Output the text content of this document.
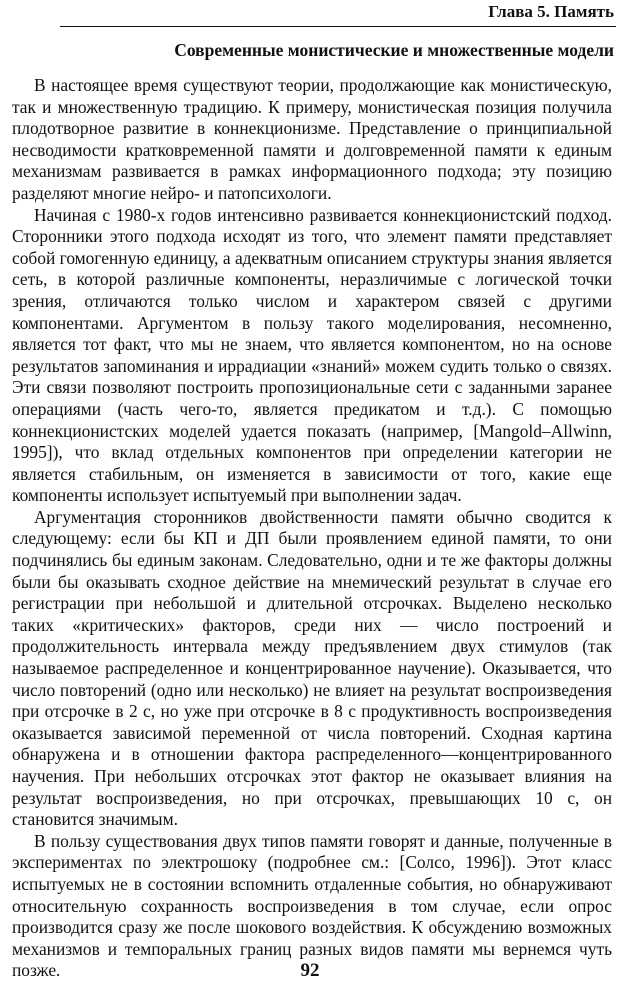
Глава 5. Память
Современные монистические и множественные модели

В настоящее время существуют теории, продолжающие как монистическую, так и множественную традицию. К примеру, монистическая позиция получила плодотворное развитие в коннекционизме. Представление о принципиальной несводимости кратковременной памяти и долговременной памяти к единым механизмам развивается в рамках информационного подхода; эту позицию разделяют многие нейро- и патопсихологи.

Начиная с 1980-х годов интенсивно развивается коннекционистский подход. Сторонники этого подхода исходят из того, что элемент памяти представляет собой гомогенную единицу, а адекватным описанием структуры знания является сеть, в которой различные компоненты, неразличимые с логической точки зрения, отличаются только числом и характером связей с другими компонентами. Аргументом в пользу такого моделирования, несомненно, является тот факт, что мы не знаем, что является компонентом, но на основе результатов запоминания и иррадиации «знаний» можем судить только о связях. Эти связи позволяют построить пропозициональные сети с заданными заранее операциями (часть чего-то, является предикатом и т.д.). С помощью коннекционистских моделей удается показать (например, [Mangold–Allwinn, 1995]), что вклад отдельных компонентов при определении категории не является стабильным, он изменяется в зависимости от того, какие еще компоненты использует испытуемый при выполнении задач.

Аргументация сторонников двойственности памяти обычно сводится к следующему: если бы КП и ДП были проявлением единой памяти, то они подчинялись бы единым законам. Следовательно, одни и те же факторы должны были бы оказывать сходное действие на мнемический результат в случае его регистрации при небольшой и длительной отсрочках. Выделено несколько таких «критических» факторов, среди них — число построений и продолжительность интервала между предъявлением двух стимулов (так называемое распределенное и концентрированное научение). Оказывается, что число повторений (одно или несколько) не влияет на результат воспроизведения при отсрочке в 2 с, но уже при отсрочке в 8 с продуктивность воспроизведения оказывается зависимой переменной от числа повторений. Сходная картина обнаружена и в отношении фактора распределенного—концентрированного научения. При небольших отсрочках этот фактор не оказывает влияния на результат воспроизведения, но при отсрочках, превышающих 10 с, он становится значимым.

В пользу существования двух типов памяти говорят и данные, полученные в экспериментах по электрошоку (подробнее см.: [Солсо, 1996]). Этот класс испытуемых не в состоянии вспомнить отдаленные события, но обнаруживают относительную сохранность воспроизведения в том случае, если опрос производится сразу же после шокового воздействия. К обсуждению возможных механизмов и темпоральных границ разных видов памяти мы вернемся чуть позже.	92
